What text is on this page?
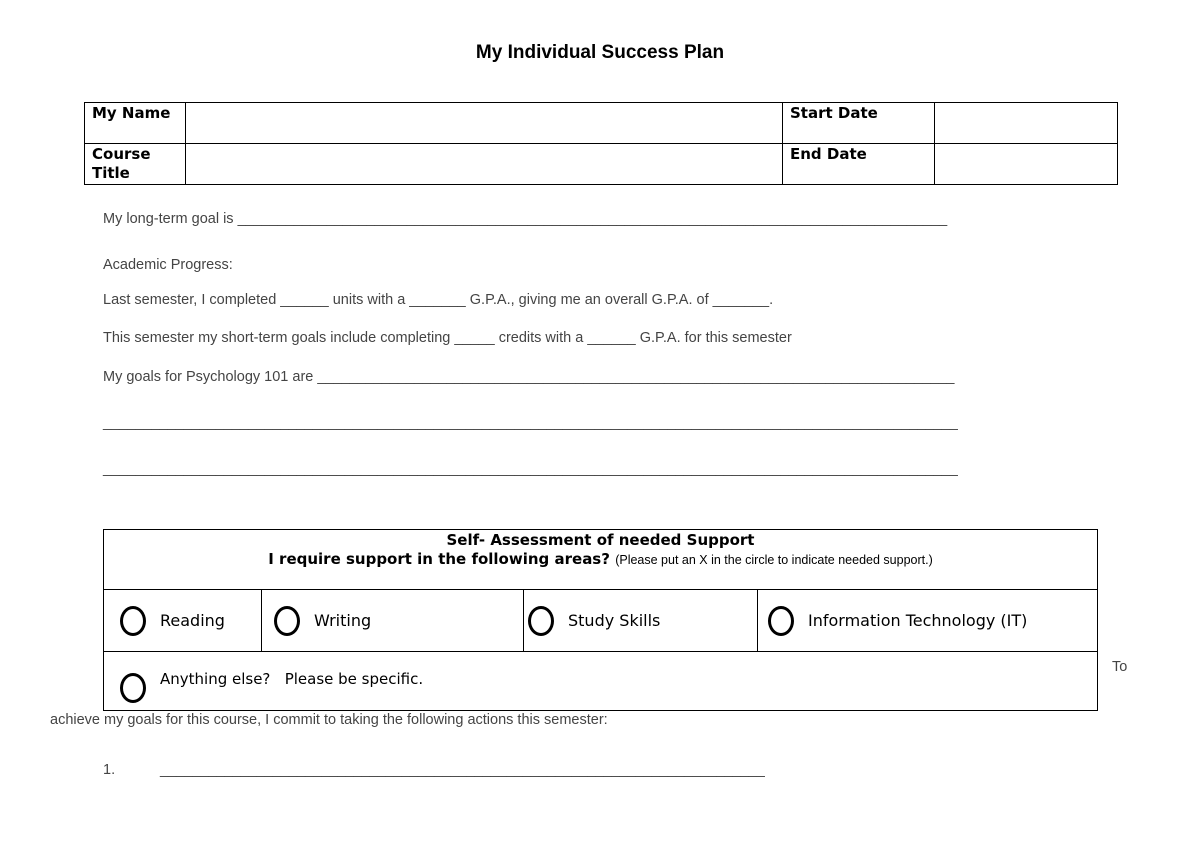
My Individual Success Plan
My Name		Start Date	
Course Title		End Date	
My long-term goal is ________________________________________________________________________________________
Academic Progress:
Last semester, I completed ______ units with a _______ G.P.A., giving me an overall G.P.A. of _______.
This semester my short-term goals include completing _____ credits with a ______ G.P.A. for this semester
My goals for Psychology 101 are _______________________________________________________________________________
__________________________________________________________________________________________________________
__________________________________________________________________________________________________________
Self- Assessment of needed Support
I require support in the following areas? (Please put an X in the circle to indicate needed support.)
Reading	Writing	Study Skills	Information Technology (IT)
Anything else?   Please be specific.
To
achieve my goals for this course, I commit to taking the following actions this semester:
1.	___________________________________________________________________________
